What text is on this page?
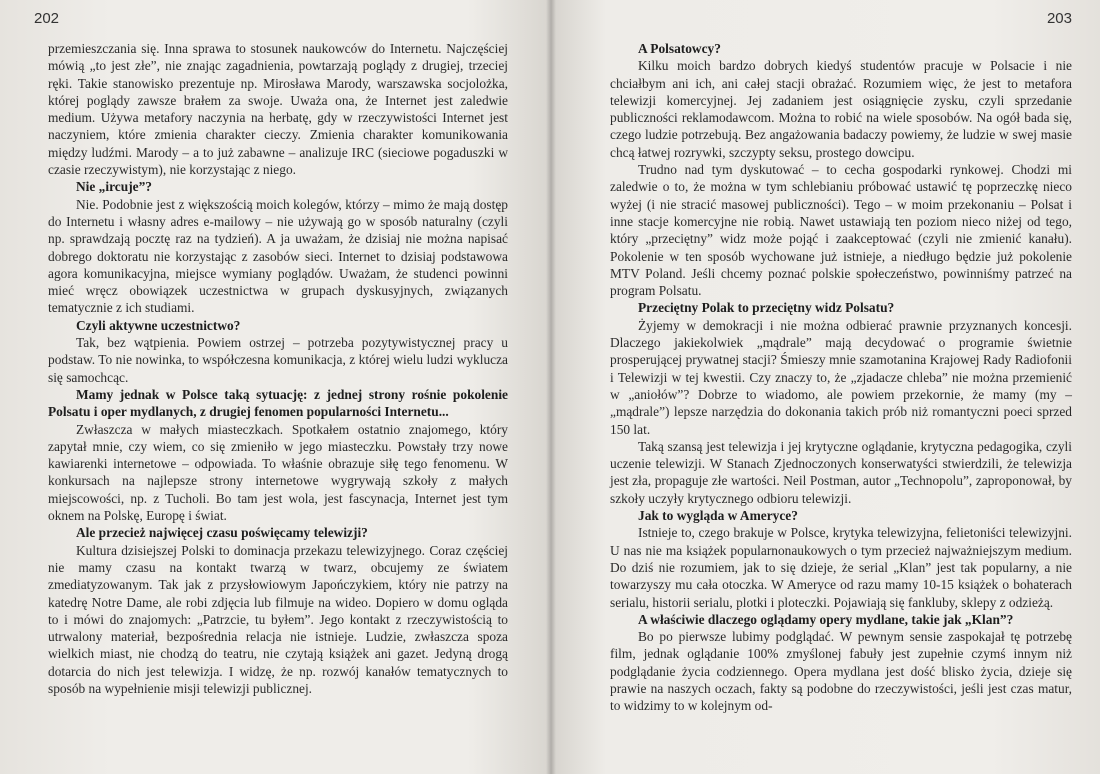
202

przemieszczania się. Inna sprawa to stosunek naukowców do Internetu. Najczęściej mówią „to jest złe”, nie znając zagadnienia, powtarzają poglądy z drugiej, trzeciej ręki. Takie stanowisko prezentuje np. Mirosława Marody, warszawska socjolożka, której poglądy zawsze brałem za swoje. Uważa ona, że Internet jest zaledwie medium. Używa metafory naczynia na herbatę, gdy w rzeczywistości Internet jest naczyniem, które zmienia charakter cieczy. Zmienia charakter komunikowania między ludźmi. Marody – a to już zabawne – analizuje IRC (sieciowe pogaduszki w czasie rzeczywistym), nie korzystając z niego.

Nie „ircuje”?

Nie. Podobnie jest z większością moich kolegów, którzy – mimo że mają dostęp do Internetu i własny adres e-mailowy – nie używają go w sposób naturalny (czyli np. sprawdzają pocztę raz na tydzień). A ja uważam, że dzisiaj nie można napisać dobrego doktoratu nie korzystając z zasobów sieci. Internet to dzisiaj podstawowa agora komunikacyjna, miejsce wymiany poglądów. Uważam, że studenci powinni mieć wręcz obowiązek uczestnictwa w grupach dyskusyjnych, związanych tematycznie z ich studiami.

Czyli aktywne uczestnictwo?

Tak, bez wątpienia. Powiem ostrzej – potrzeba pozytywistycznej pracy u podstaw. To nie nowinka, to współczesna komunikacja, z której wielu ludzi wyklucza się samochcąc.

Mamy jednak w Polsce taką sytuację: z jednej strony rośnie pokolenie Polsatu i oper mydlanych, z drugiej fenomen popularności Internetu...

Zwłaszcza w małych miasteczkach. Spotkałem ostatnio znajomego, który zapytał mnie, czy wiem, co się zmieniło w jego miasteczku. Powstały trzy nowe kawiarenki internetowe – odpowiada. To właśnie obrazuje siłę tego fenomenu. W konkursach na najlepsze strony internetowe wygrywają szkoły z małych miejscowości, np. z Tucholi. Bo tam jest wola, jest fascynacja, Internet jest tym oknem na Polskę, Europę i świat.

Ale przecież najwięcej czasu poświęcamy telewizji?

Kultura dzisiejszej Polski to dominacja przekazu telewizyjnego. Coraz częściej nie mamy czasu na kontakt twarzą w twarz, obcujemy ze światem zmediatyzowanym. Tak jak z przysłowiowym Japończykiem, który nie patrzy na katedrę Notre Dame, ale robi zdjęcia lub filmuje na wideo. Dopiero w domu ogląda to i mówi do znajomych: „Patrzcie, tu byłem”. Jego kontakt z rzeczywistością to utrwalony materiał, bezpośrednia relacja nie istnieje. Ludzie, zwłaszcza spoza wielkich miast, nie chodzą do teatru, nie czytają książek ani gazet. Jedyną drogą dotarcia do nich jest telewizja. I widzę, że np. rozwój kanałów tematycznych to sposób na wypełnienie misji telewizji publicznej.

203

A Polsatowcy?

Kilku moich bardzo dobrych kiedyś studentów pracuje w Polsacie i nie chciałbym ani ich, ani całej stacji obrażać. Rozumiem więc, że jest to metafora telewizji komercyjnej. Jej zadaniem jest osiągnięcie zysku, czyli sprzedanie publiczności reklamodawcom. Można to robić na wiele sposobów. Na ogół bada się, czego ludzie potrzebują. Bez angażowania badaczy powiemy, że ludzie w swej masie chcą łatwej rozrywki, szczypty seksu, prostego dowcipu.

Trudno nad tym dyskutować – to cecha gospodarki rynkowej. Chodzi mi zaledwie o to, że można w tym schlebianiu próbować ustawić tę poprzeczkę nieco wyżej (i nie stracić masowej publiczności). Tego – w moim przekonaniu – Polsat i inne stacje komercyjne nie robią. Nawet ustawiają ten poziom nieco niżej od tego, który „przeciętny” widz może pojąć i zaakceptować (czyli nie zmienić kanału). Pokolenie w ten sposób wychowane już istnieje, a niedługo będzie już pokolenie MTV Poland. Jeśli chcemy poznać polskie społeczeństwo, powinniśmy patrzeć na program Polsatu.

Przeciętny Polak to przeciętny widz Polsatu?

Żyjemy w demokracji i nie można odbierać prawnie przyznanych koncesji. Dlaczego jakiekolwiek „mądrale” mają decydować o programie świetnie prosperującej prywatnej stacji? Śmieszy mnie szamotanina Krajowej Rady Radiofonii i Telewizji w tej kwestii. Czy znaczy to, że „zjadacze chleba” nie można przemienić w „aniołów”? Dobrze to wiadomo, ale powiem przekornie, że mamy (my – „mądrale”) lepsze narzędzia do dokonania takich prób niż romantyczni poeci sprzed 150 lat.

Taką szansą jest telewizja i jej krytyczne oglądanie, krytyczna pedagogika, czyli uczenie telewizji. W Stanach Zjednoczonych konserwatyści stwierdzili, że telewizja jest zła, propaguje złe wartości. Neil Postman, autor „Technopolu”, zaproponował, by szkoły uczyły krytycznego odbioru telewizji.

Jak to wygląda w Ameryce?

Istnieje to, czego brakuje w Polsce, krytyka telewizyjna, felietoniści telewizyjni. U nas nie ma książek popularnonaukowych o tym przecież najważniejszym medium. Do dziś nie rozumiem, jak to się dzieje, że serial „Klan” jest tak popularny, a nie towarzyszy mu cała otoczka. W Ameryce od razu mamy 10-15 książek o bohaterach serialu, historii serialu, plotki i ploteczki. Pojawiają się fankluby, sklepy z odzieżą.

A właściwie dlaczego oglądamy opery mydlane, takie jak „Klan”?

Bo po pierwsze lubimy podglądać. W pewnym sensie zaspokajał tę potrzebę film, jednak oglądanie 100% zmyślonej fabuły jest zupełnie czymś innym niż podglądanie życia codziennego. Opera mydlana jest dość blisko życia, dzieje się prawie na naszych oczach, fakty są podobne do rzeczywistości, jeśli jest czas matur, to widzimy to w kolejnym od-
